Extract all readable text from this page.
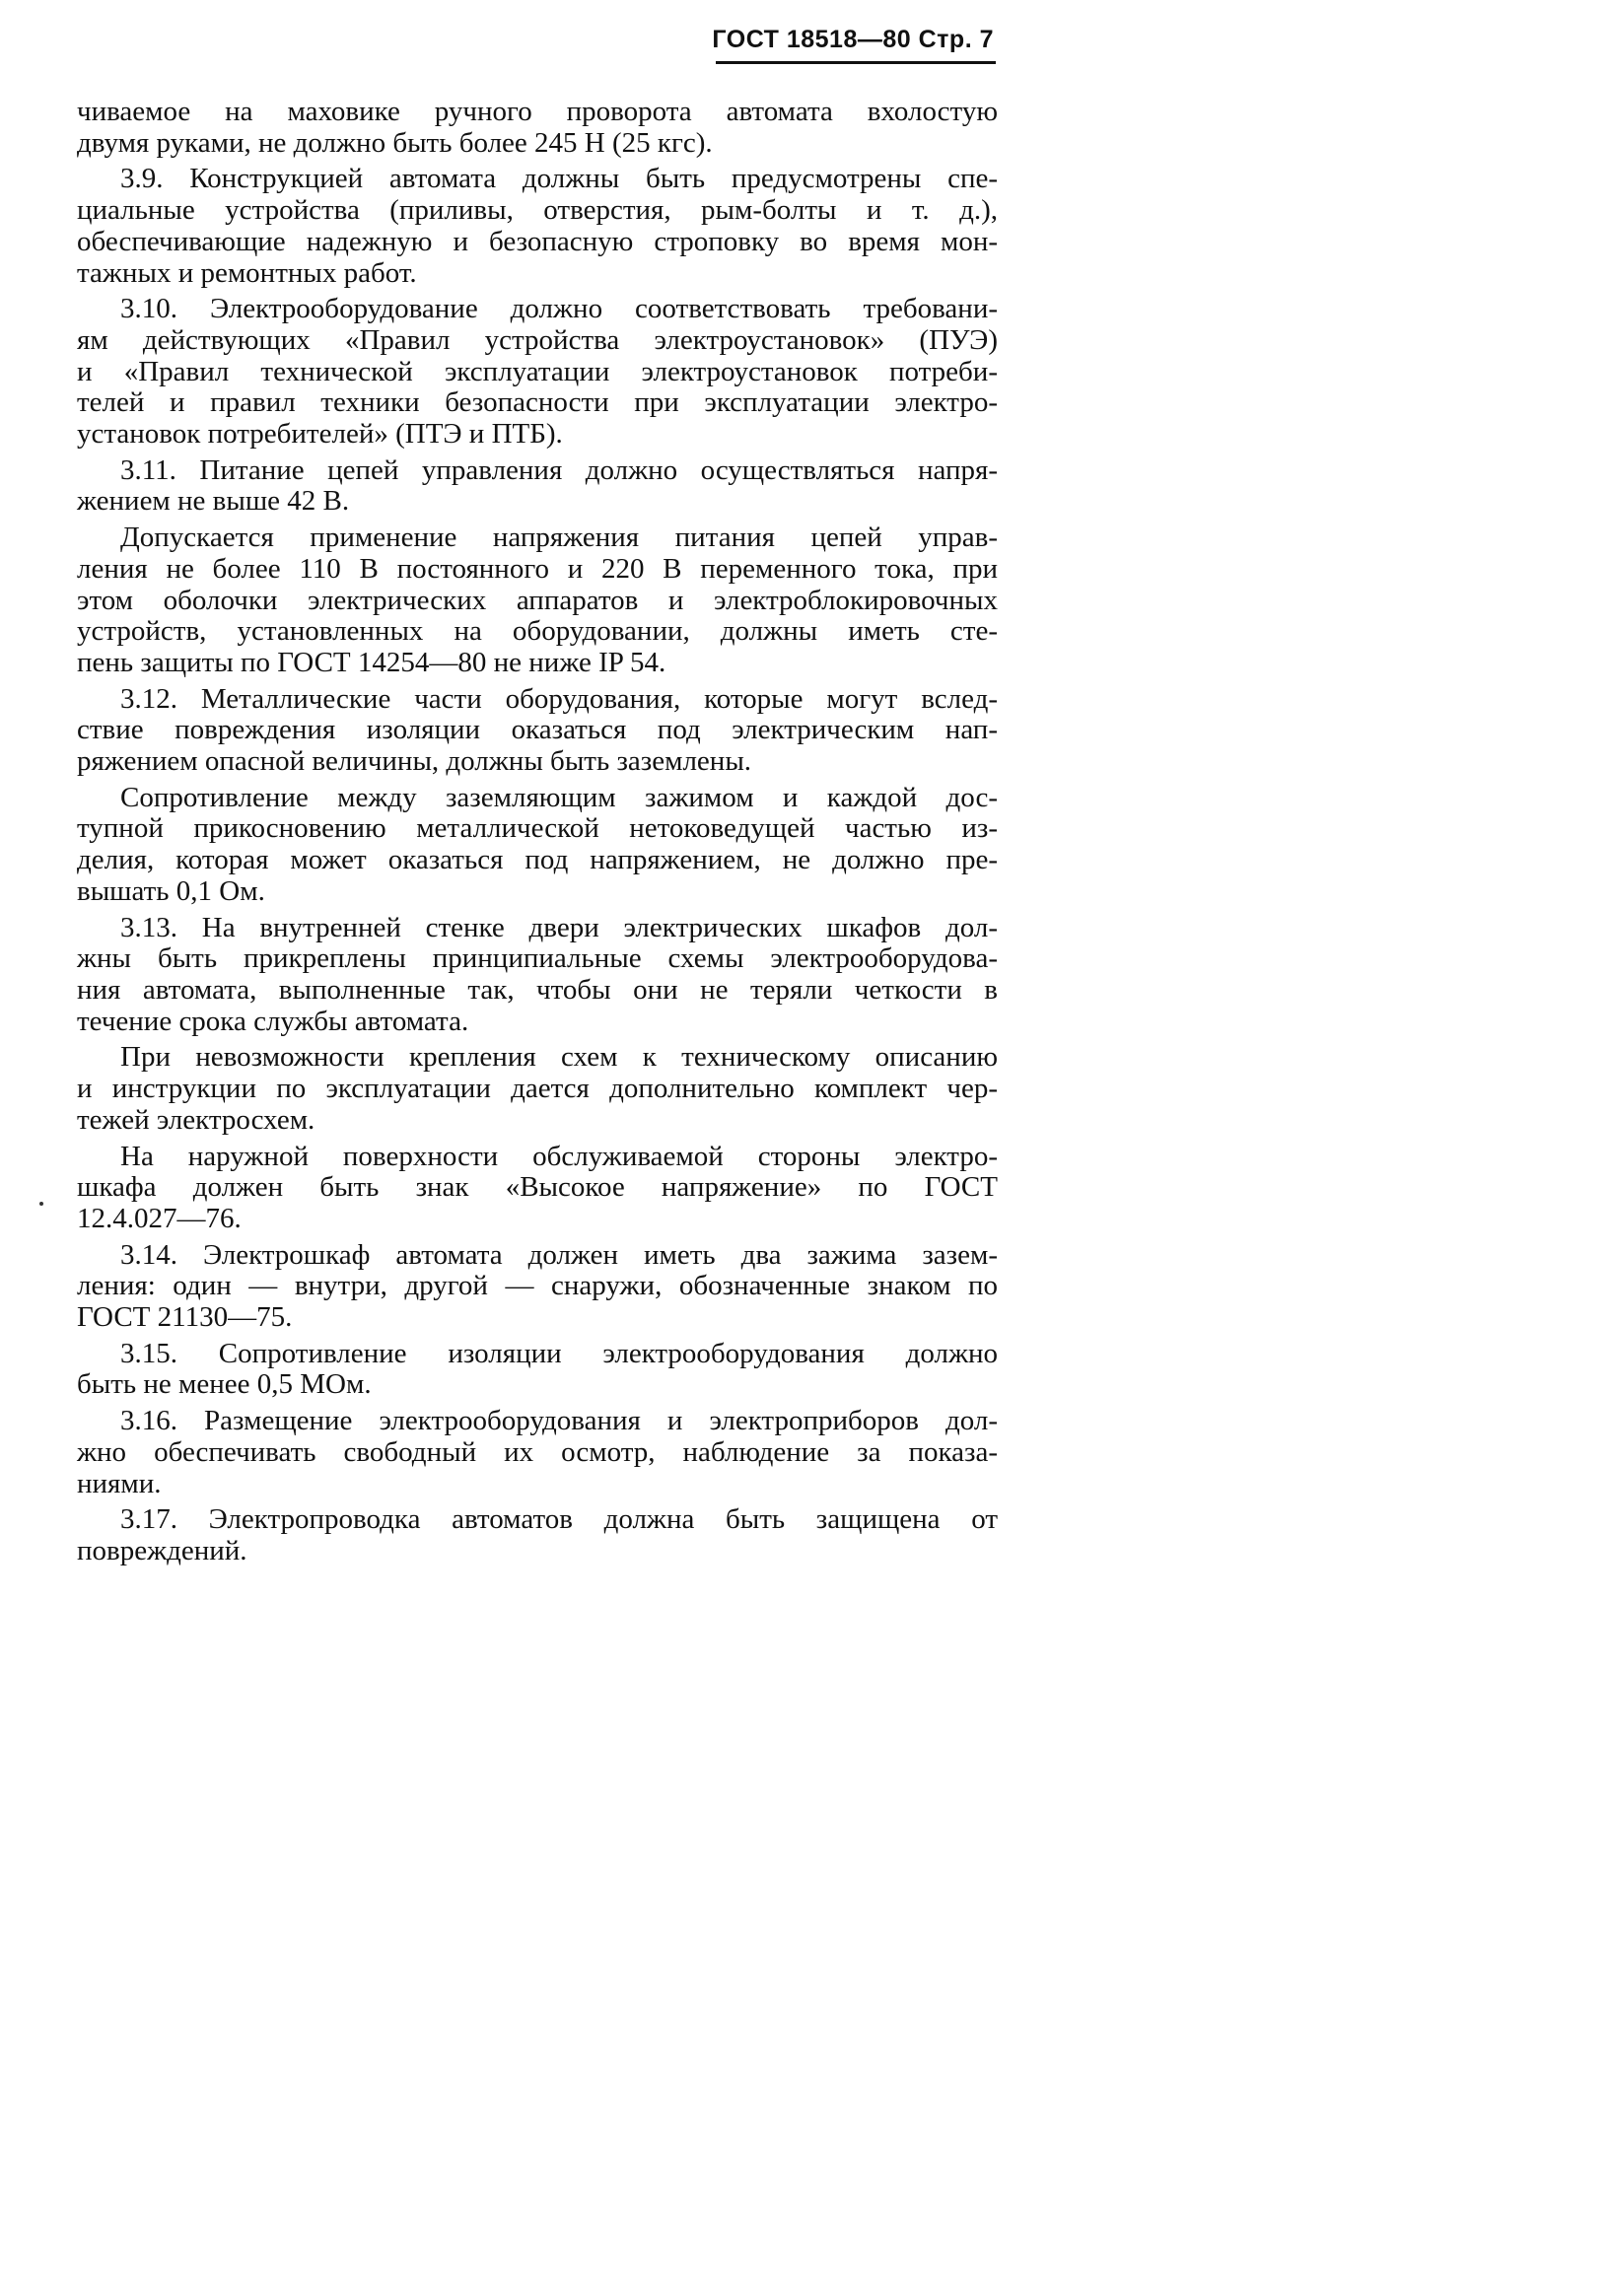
ГОСТ 18518—80 Стр. 7
чиваемое на маховике ручного проворота автомата вхолостую
двумя руками, не должно быть более 245 Н (25 кгс).
3.9. Конструкцией автомата должны быть предусмотрены спе-
циальные устройства (приливы, отверстия, рым-болты и т. д.),
обеспечивающие надежную и безопасную строповку во время мон-
тажных и ремонтных работ.
3.10. Электрооборудование должно соответствовать требовани-
ям действующих «Правил устройства электроустановок» (ПУЭ)
и «Правил технической эксплуатации электроустановок потреби-
телей и правил техники безопасности при эксплуатации электро-
установок потребителей» (ПТЭ и ПТБ).
3.11. Питание цепей управления должно осуществляться напря-
жением не выше 42 В.
Допускается применение напряжения питания цепей управ-
ления не более 110 В постоянного и 220 В переменного тока, при
этом оболочки электрических аппаратов и электроблокировочных
устройств, установленных на оборудовании, должны иметь сте-
пень защиты по ГОСТ 14254—80 не ниже IP 54.
3.12. Металлические части оборудования, которые могут вслед-
ствие повреждения изоляции оказаться под электрическим нап-
ряжением опасной величины, должны быть заземлены.
Сопротивление между заземляющим зажимом и каждой дос-
тупной прикосновению металлической нетоковедущей частью из-
делия, которая может оказаться под напряжением, не должно пре-
вышать 0,1 Ом.
3.13. На внутренней стенке двери электрических шкафов дол-
жны быть прикреплены принципиальные схемы электрооборудова-
ния автомата, выполненные так, чтобы они не теряли четкости в
течение срока службы автомата.
При невозможности крепления схем к техническому описанию
и инструкции по эксплуатации дается дополнительно комплект чер-
тежей электросхем.
На наружной поверхности обслуживаемой стороны электро-
шкафа должен быть знак «Высокое напряжение» по ГОСТ
12.4.027—76.
3.14. Электрошкаф автомата должен иметь два зажима зазем-
ления: один — внутри, другой — снаружи, обозначенные знаком по
ГОСТ 21130—75.
3.15. Сопротивление изоляции электрооборудования должно
быть не менее 0,5 МОм.
3.16. Размещение электрооборудования и электроприборов дол-
жно обеспечивать свободный их осмотр, наблюдение за показа-
ниями.
3.17. Электропроводка автоматов должна быть защищена от
повреждений.
